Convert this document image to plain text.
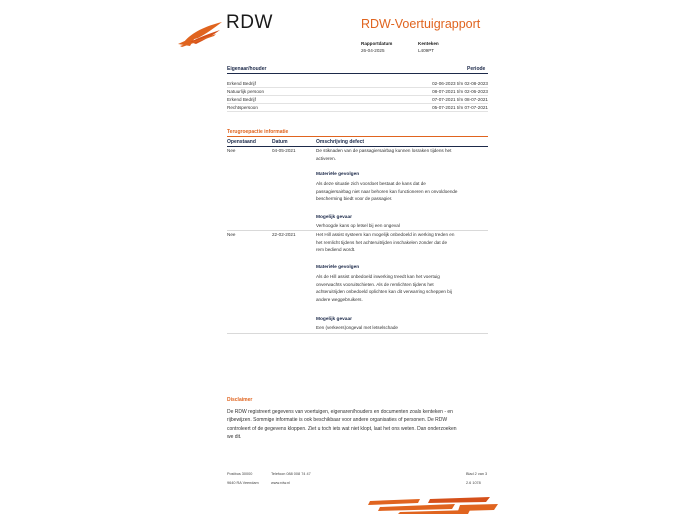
RDW	RDW-Voertuigrapport
Rapportdatum
26-04-2025
Kenteken
L409PT
Eigenaar/houder	Periode
Erkend Bedrijf	02-06-2023 t/m 02-08-2023
Natuurlijk persoon	08-07-2021 t/m 02-06-2023
Erkend Bedrijf	07-07-2021 t/m 08-07-2021
Rechtspersoon	05-07-2021 t/m 07-07-2021
Terugroepactie informatie
Openstaand	Datum	Omschrijving defect
Nee	04-05-2021	De stiknaden van de passagiersairbag kunnen losraken tijdens het
activeren.
Materiële gevolgen
Als deze situatie zich voordoet bestaat de kans dat de
passagiersairbag niet naar behoren kan functioneren en onvoldoende
bescherming biedt voor de passagier.
Mogelijk gevaar
Verhoogde kans op letsel bij een ongeval
Nee	22-02-2021	Het Hill assist systeem kan mogelijk onbedoeld in werking treden en
het remlicht tijdens het achteruitrijden inschakelen zonder dat de
rem bediend wordt.
Materiële gevolgen
Als de Hill assist onbedoeld inwerking treedt kan het voertuig
onverwachts vooruitschieten. Als de remlichten tijdens het
achteruitrijden onbedoeld oplichten kan dit verwarring scheppen bij
andere weggebruikers.
Mogelijk gevaar
Een (verkeers)ongeval met letselschade
Disclaimer
De RDW registreert gegevens van voertuigen, eigenaren/houders en documenten zoals kenteken - en
rijbewijzen. Sommige informatie is ook beschikbaar voor andere organisaties of personen. De RDW
controleert of de gegevens kloppen. Ziet u toch iets wat niet klopt, laat het ons weten. Dan onderzoeken
we dit.
Postbus 30000
9640 RA Veendam
Telefoon 088 008 74 47
www.rdw.nl
Blad 2 van 3
2.6 1078
